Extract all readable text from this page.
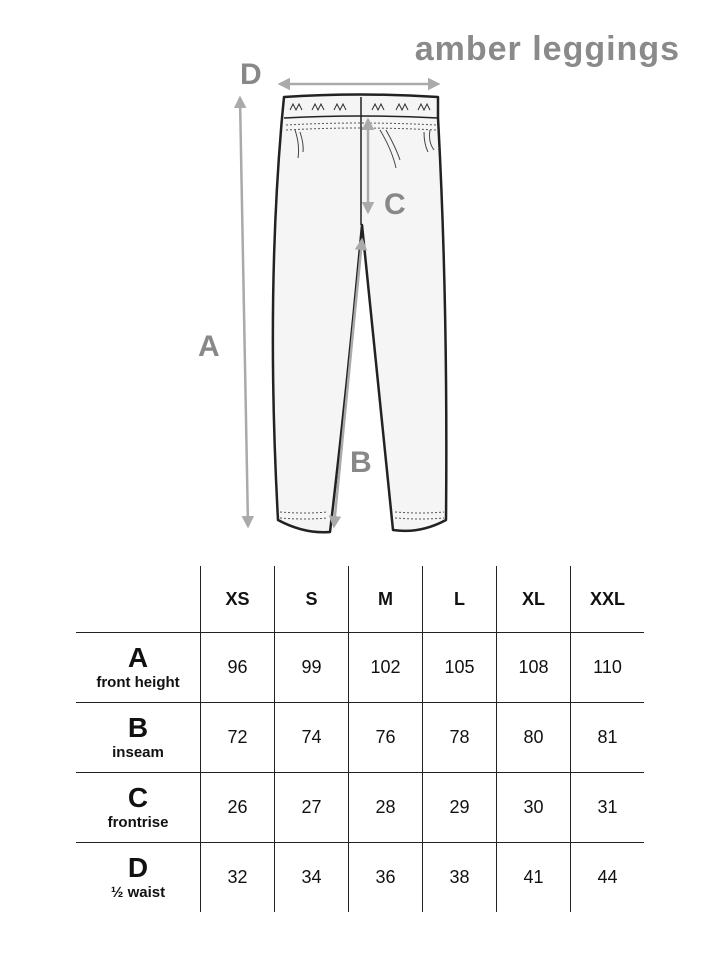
amber leggings
D
C
A
B
	XS	S	M	L	XL	XXL

A
front height	96	99	102	105	108	110

B
inseam	72	74	76	78	80	81

C
frontrise	26	27	28	29	30	31

D
½ waist	32	34	36	38	41	44
